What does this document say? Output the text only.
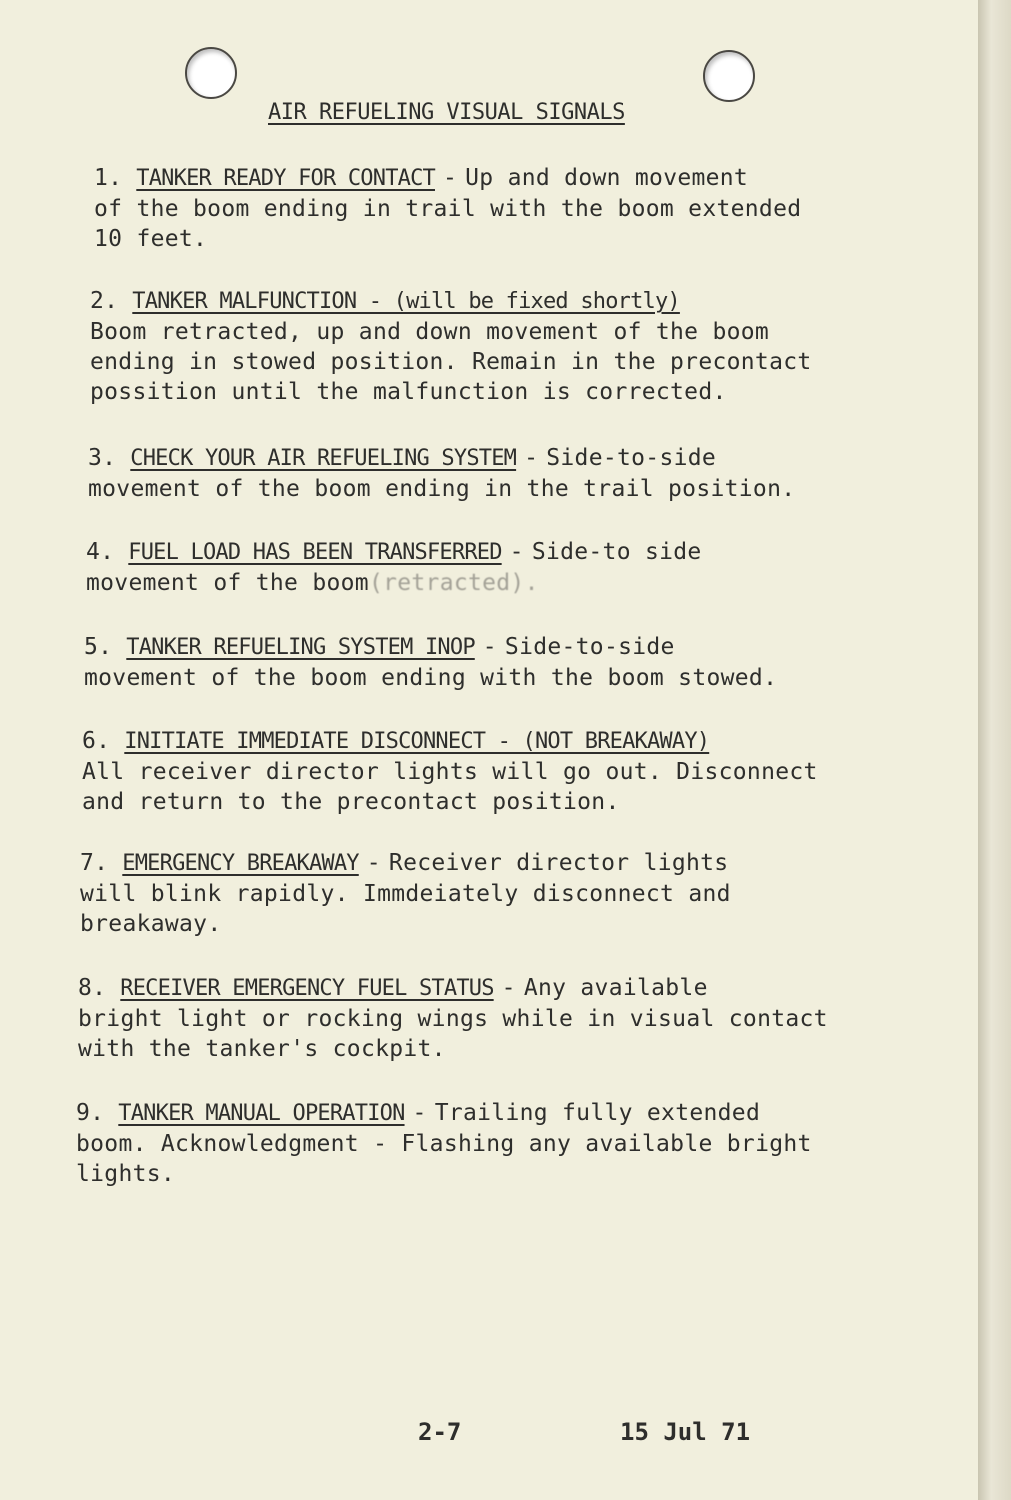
AIR REFUELING VISUAL SIGNALS
1. TANKER READY FOR CONTACT - Up and down movement
of the boom ending in trail with the boom extended
10 feet.
2. TANKER MALFUNCTION - (will be fixed shortly)
Boom retracted, up and down movement of the boom
ending in stowed position. Remain in the precontact
possition until the malfunction is corrected.
3. CHECK YOUR AIR REFUELING SYSTEM - Side-to-side
movement of the boom ending in the trail position.
4. FUEL LOAD HAS BEEN TRANSFERRED - Side-to side
movement of the boom(retracted).
5. TANKER REFUELING SYSTEM INOP - Side-to-side
movement of the boom ending with the boom stowed.
6. INITIATE IMMEDIATE DISCONNECT - (NOT BREAKAWAY)
All receiver director lights will go out. Disconnect
and return to the precontact position.
7. EMERGENCY BREAKAWAY - Receiver director lights
will blink rapidly. Immdeiately disconnect and
breakaway.
8. RECEIVER EMERGENCY FUEL STATUS - Any available
bright light or rocking wings while in visual contact
with the tanker's cockpit.
9. TANKER MANUAL OPERATION - Trailing fully extended
boom. Acknowledgment - Flashing any available bright
lights.
2-7	15 Jul 71
